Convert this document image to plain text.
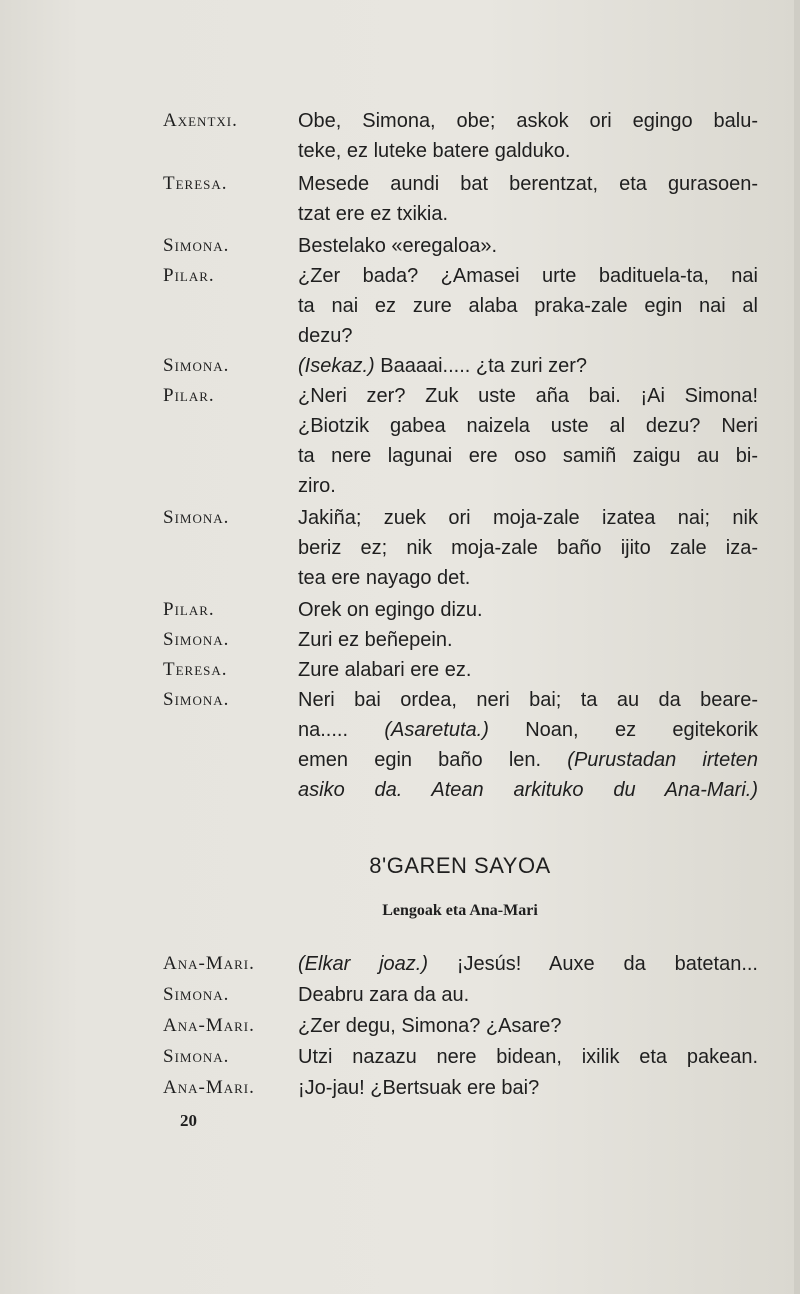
Axentxi.	Obe, Simona, obe; askok ori egingo balu-
teke, ez luteke batere galduko.
Teresa.	Mesede aundi bat berentzat, eta gurasoen-
tzat ere ez txikia.
Simona.	Bestelako «eregaloa».
Pilar.	¿Zer bada? ¿Amasei urte badituela-ta, nai
ta nai ez zure alaba praka-zale egin nai al
dezu?
Simona.	(Isekaz.) Baaaai..... ¿ta zuri zer?
Pilar.	¿Neri zer? Zuk uste aña bai. ¡Ai Simona!
¿Biotzik gabea naizela uste al dezu? Neri
ta nere lagunai ere oso samiñ zaigu au bi-
ziro.
Simona.	Jakiña; zuek ori moja-zale izatea nai; nik
beriz ez; nik moja-zale baño ijito zale iza-
tea ere nayago det.
Pilar.	Orek on egingo dizu.
Simona.	Zuri ez beñepein.
Teresa.	Zure alabari ere ez.
Simona.	Neri bai ordea, neri bai; ta au da beare-
na..... (Asaretuta.) Noan, ez egitekorik
emen egin baño len. (Purustadan irteten
asiko da. Atean arkituko du Ana-Mari.)
8'GAREN SAYOA
Lengoak eta Ana-Mari
Ana-Mari. (Elkar joaz.) ¡Jesús! Auxe da batetan...
Simona.	Deabru zara da au.
Ana-Mari. ¿Zer degu, Simona? ¿Asare?
Simona.	Utzi nazazu nere bidean, ixilik eta pakean.
Ana-Mari. ¡Jo-jau! ¿Bertsuak ere bai?
20
